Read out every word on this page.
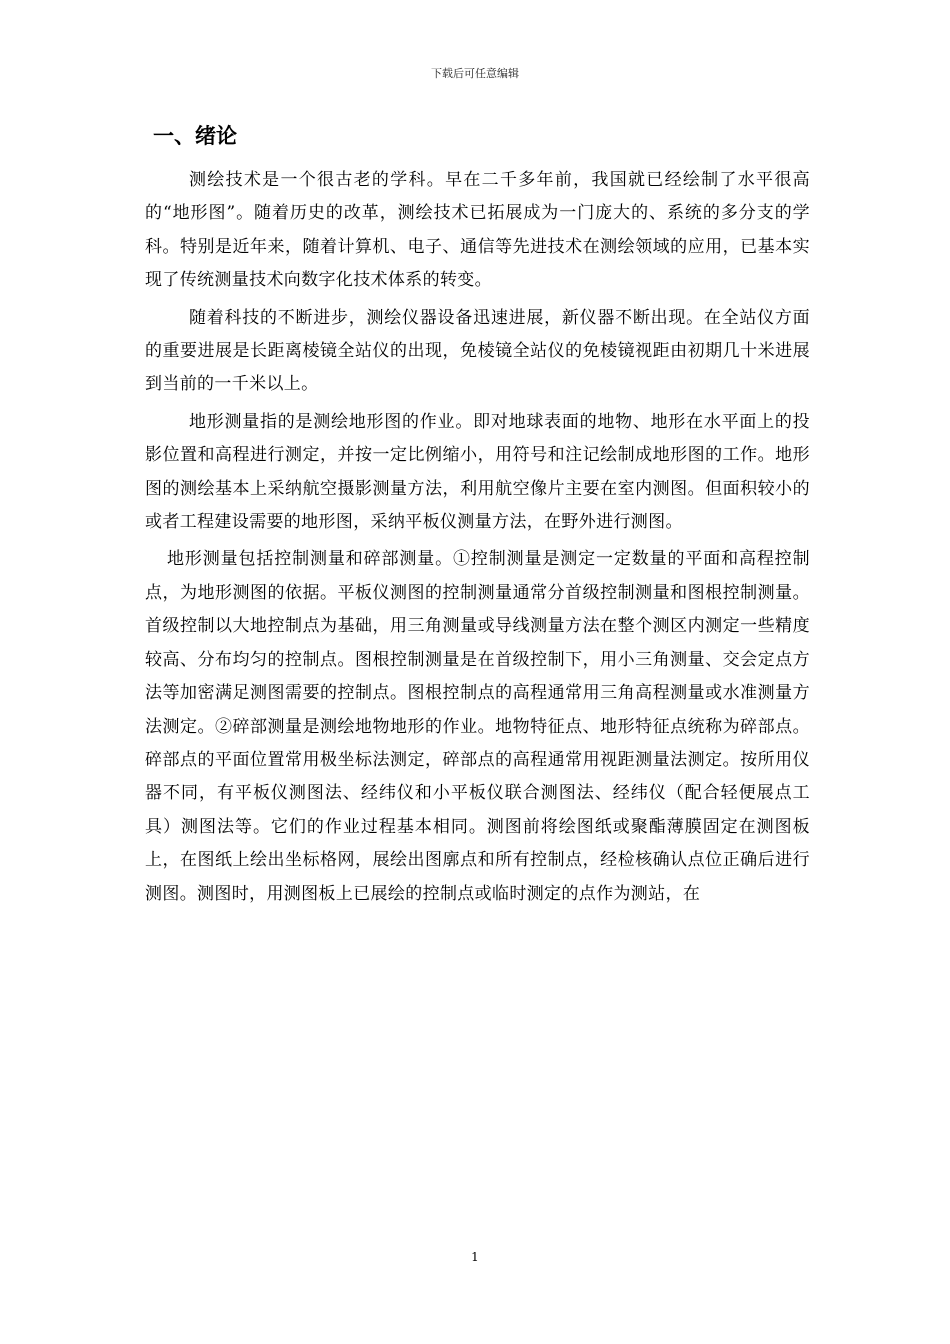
下载后可任意编辑
一、绪论

测绘技术是一个很古老的学科。早在二千多年前，我国就已经绘制了水平很高的“地形图”。随着历史的改革，测绘技术已拓展成为一门庞大的、系统的多分支的学科。特别是近年来，随着计算机、电子、通信等先进技术在测绘领域的应用，已基本实现了传统测量技术向数字化技术体系的转变。

随着科技的不断进步，测绘仪器设备迅速进展，新仪器不断出现。在全站仪方面的重要进展是长距离棱镜全站仪的出现，免棱镜全站仪的免棱镜视距由初期几十米进展到当前的一千米以上。

地形测量指的是测绘地形图的作业。即对地球表面的地物、地形在水平面上的投影位置和高程进行测定，并按一定比例缩小，用符号和注记绘制成地形图的工作。地形图的测绘基本上采纳航空摄影测量方法，利用航空像片主要在室内测图。但面积较小的或者工程建设需要的地形图，采纳平板仪测量方法，在野外进行测图。

地形测量包括控制测量和碎部测量。①控制测量是测定一定数量的平面和高程控制点，为地形测图的依据。平板仪测图的控制测量通常分首级控制测量和图根控制测量。首级控制以大地控制点为基础，用三角测量或导线测量方法在整个测区内测定一些精度较高、分布均匀的控制点。图根控制测量是在首级控制下，用小三角测量、交会定点方法等加密满足测图需要的控制点。图根控制点的高程通常用三角高程测量或水准测量方法测定。②碎部测量是测绘地物地形的作业。地物特征点、地形特征点统称为碎部点。碎部点的平面位置常用极坐标法测定，碎部点的高程通常用视距测量法测定。按所用仪器不同，有平板仪测图法、经纬仪和小平板仪联合测图法、经纬仪（配合轻便展点工具）测图法等。它们的作业过程基本相同。测图前将绘图纸或聚酯薄膜固定在测图板上，在图纸上绘出坐标格网，展绘出图廓点和所有控制点，经检核确认点位正确后进行测图。测图时，用测图板上已展绘的控制点或临时测定的点作为测站，在

1
